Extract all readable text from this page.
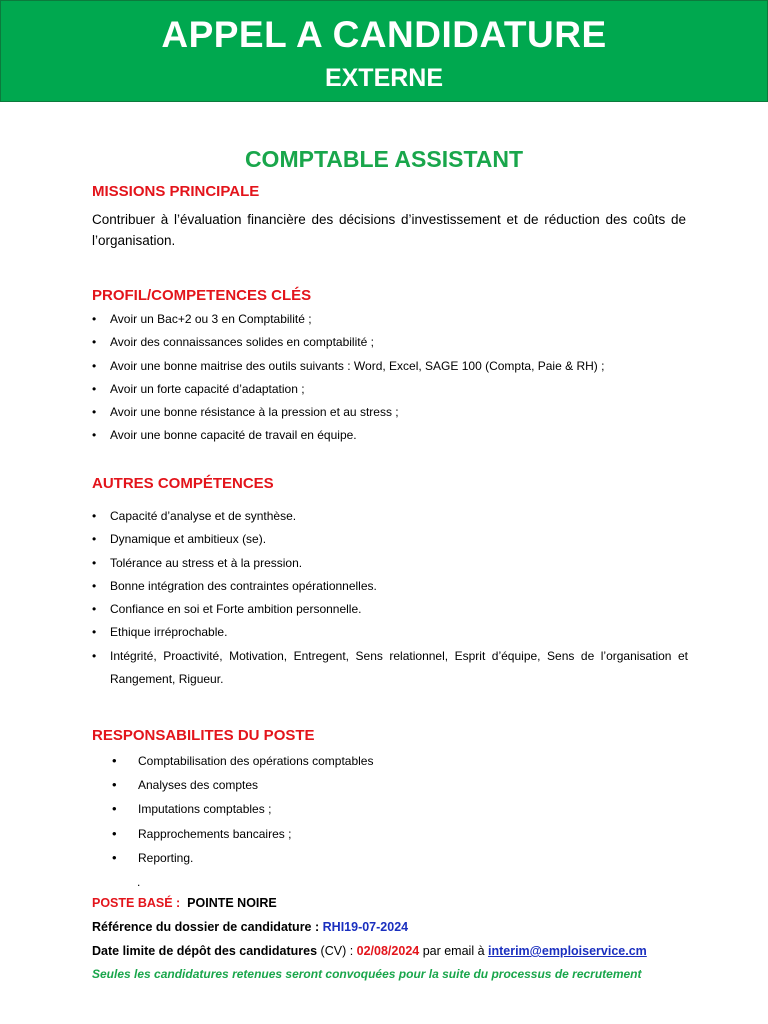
APPEL A CANDIDATURE
EXTERNE
COMPTABLE ASSISTANT
MISSIONS PRINCIPALE
Contribuer à l’évaluation financière des décisions d’investissement et de réduction des coûts de l’organisation.
PROFIL/COMPETENCES CLÉS
• Avoir un Bac+2 ou 3 en Comptabilité ;
• Avoir des connaissances solides en comptabilité ;
• Avoir une bonne maitrise des outils suivants : Word, Excel, SAGE 100 (Compta, Paie & RH) ;
• Avoir un forte capacité d’adaptation ;
• Avoir une bonne résistance à la pression et au stress ;
• Avoir une bonne capacité de travail en équipe.
AUTRES COMPÉTENCES
• Capacité d’analyse et de synthèse.
• Dynamique et ambitieux (se).
• Tolérance au stress et à la pression.
• Bonne intégration des contraintes opérationnelles.
• Confiance en soi et Forte ambition personnelle.
• Ethique irréprochable.
• Intégrité, Proactivité, Motivation, Entregent, Sens relationnel, Esprit d’équipe, Sens de l’organisation et Rangement, Rigueur.
RESPONSABILITES DU POSTE
• Comptabilisation des opérations comptables
• Analyses des comptes
• Imputations comptables ;
• Rapprochements bancaires ;
• Reporting.
.
POSTE BASÉ : POINTE NOIRE
Référence du dossier de candidature : RHI19-07-2024
Date limite de dépôt des candidatures (CV) : 02/08/2024 par email à interim@emploiservice.cm
Seules les candidatures retenues seront convoquées pour la suite du processus de recrutement
